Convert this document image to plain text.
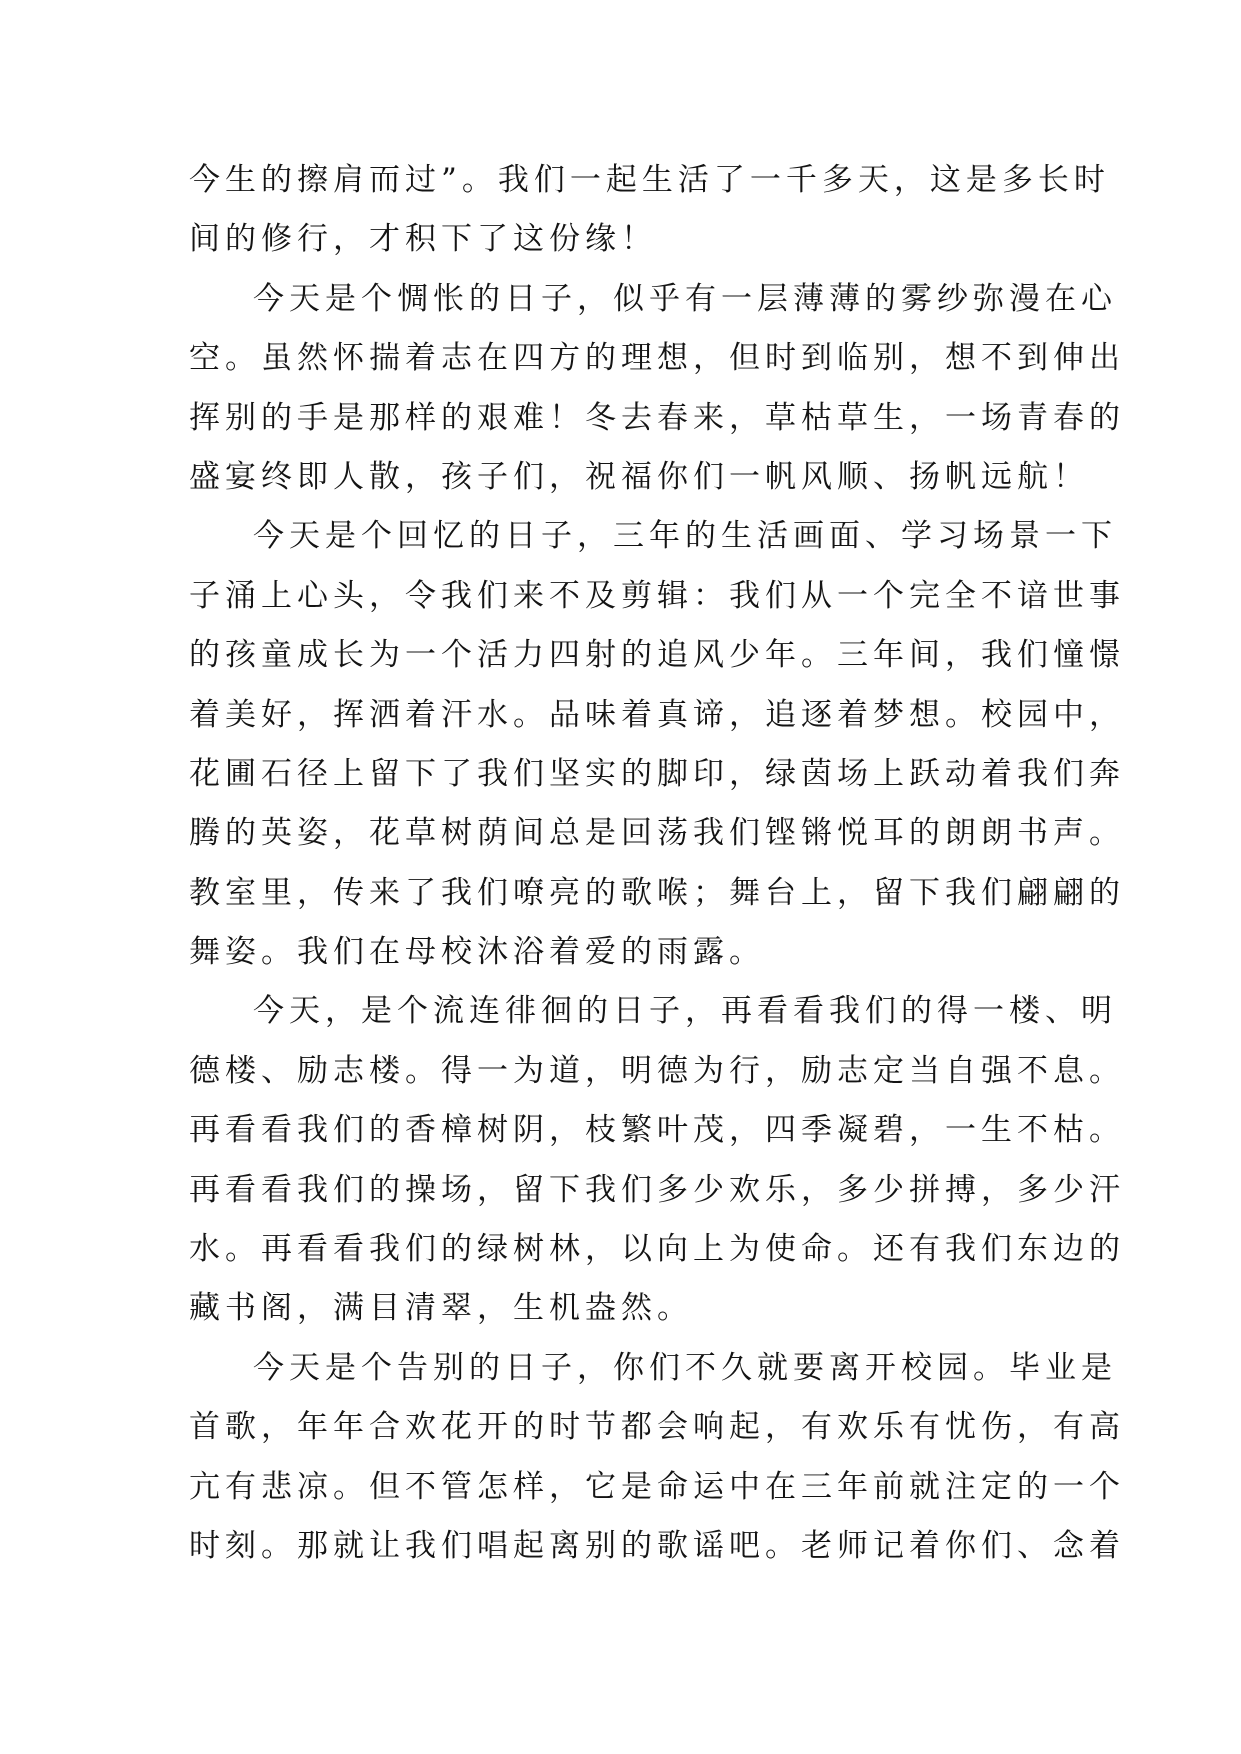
今生的擦肩而过”。我们一起生活了一千多天，这是多长时
间的修行，才积下了这份缘！
今天是个惆怅的日子，似乎有一层薄薄的雾纱弥漫在心
空。虽然怀揣着志在四方的理想，但时到临别，想不到伸出
挥别的手是那样的艰难！冬去春来，草枯草生，一场青春的
盛宴终即人散，孩子们，祝福你们一帆风顺、扬帆远航！
今天是个回忆的日子，三年的生活画面、学习场景一下
子涌上心头，令我们来不及剪辑：我们从一个完全不谙世事
的孩童成长为一个活力四射的追风少年。三年间，我们憧憬
着美好，挥洒着汗水。品味着真谛，追逐着梦想。校园中，
花圃石径上留下了我们坚实的脚印，绿茵场上跃动着我们奔
腾的英姿，花草树荫间总是回荡我们铿锵悦耳的朗朗书声。
教室里，传来了我们嘹亮的歌喉；舞台上，留下我们翩翩的
舞姿。我们在母校沐浴着爱的雨露。
今天，是个流连徘徊的日子，再看看我们的得一楼、明
德楼、励志楼。得一为道，明德为行，励志定当自强不息。
再看看我们的香樟树阴，枝繁叶茂，四季凝碧，一生不枯。
再看看我们的操场，留下我们多少欢乐，多少拼搏，多少汗
水。再看看我们的绿树林，以向上为使命。还有我们东边的
藏书阁，满目清翠，生机盎然。
今天是个告别的日子，你们不久就要离开校园。毕业是
首歌，年年合欢花开的时节都会响起，有欢乐有忧伤，有高
亢有悲凉。但不管怎样，它是命运中在三年前就注定的一个
时刻。那就让我们唱起离别的歌谣吧。老师记着你们、念着
